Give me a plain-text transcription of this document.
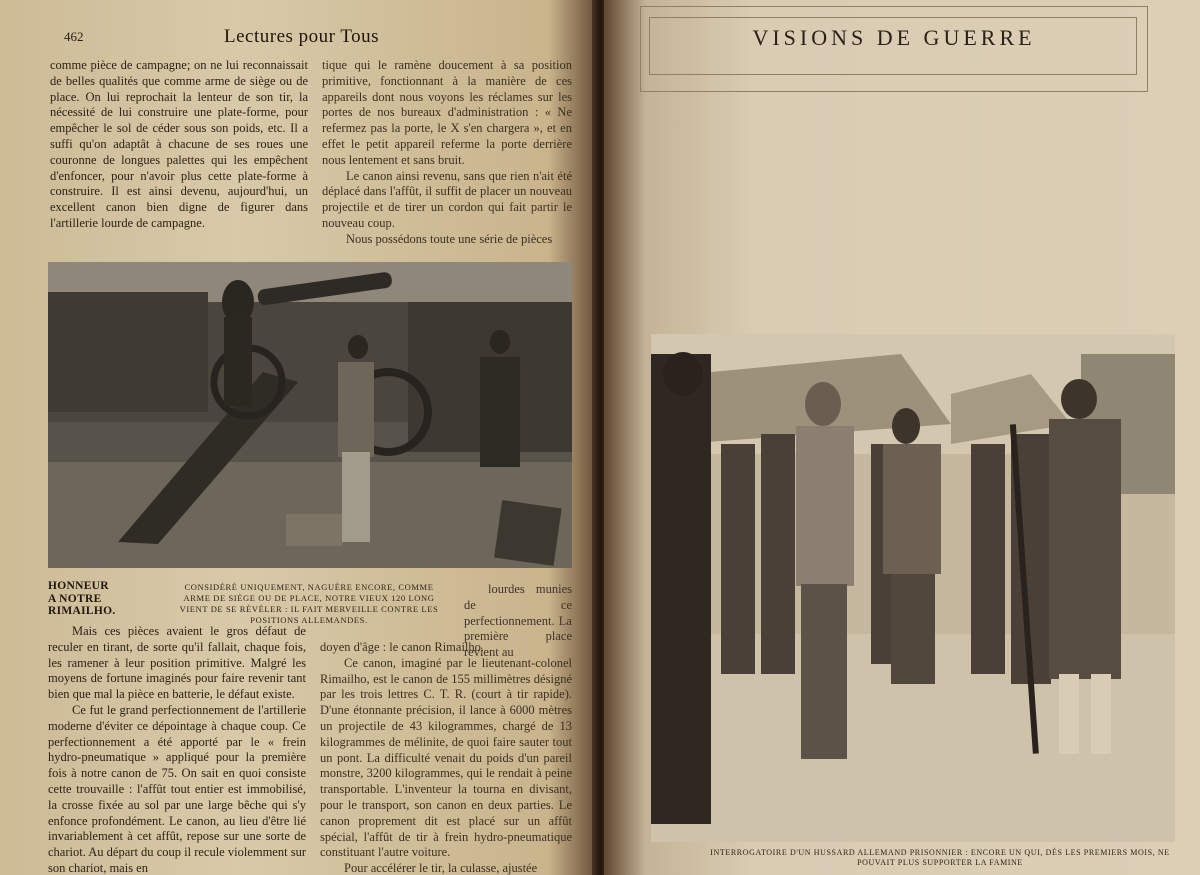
462	Lectures pour Tous

comme pièce de campagne; on ne lui reconnaissait de belles qualités que comme arme de siège ou de place. On lui reprochait la lenteur de son tir, la nécessité de lui construire une plate-forme, pour empêcher le sol de céder sous son poids, etc. Il a suffi qu'on adaptât à chacune de ses roues une couronne de longues palettes qui les empêchent d'enfoncer, pour n'avoir plus cette plate-forme à construire. Il est ainsi devenu, aujourd'hui, un excellent canon bien digne de figurer dans l'artillerie lourde de campagne.

tique qui le ramène doucement à sa position primitive, fonctionnant à la manière de ces appareils dont nous voyons les réclames sur les portes de nos bureaux d'administration : « Ne refermez pas la porte, le X s'en chargera », et en effet le petit appareil referme la porte derrière nous lentement et sans bruit.

Le canon ainsi revenu, sans que rien n'ait été déplacé dans l'affût, il suffit de placer un nouveau projectile et de tirer un cordon qui fait partir le nouveau coup.

Nous possédons toute une série de pièces

HONNEUR A NOTRE RIMAILHO.
CONSIDÉRÉ UNIQUEMENT, NAGUÈRE ENCORE, COMME ARME DE SIÈGE OU DE PLACE, NOTRE VIEUX 120 LONG VIENT DE SE RÉVÉLER : IL FAIT MERVEILLE CONTRE LES POSITIONS ALLEMANDES.

lourdes munies de ce perfectionnement. La première place revient au

Mais ces pièces avaient le gros défaut de reculer en tirant, de sorte qu'il fallait, chaque fois, les ramener à leur position primitive. Malgré les moyens de fortune imaginés pour faire revenir tant bien que mal la pièce en batterie, le défaut existe.

Ce fut le grand perfectionnement de l'artillerie moderne d'éviter ce dépointage à chaque coup. Ce perfectionnement a été apporté par le « frein hydro-pneumatique » appliqué pour la première fois à notre canon de 75. On sait en quoi consiste cette trouvaille : l'affût tout entier est immobilisé, la crosse fixée au sol par une large bêche qui s'y enfonce profondément. Le canon, au lieu d'être lié invariablement à cet affût, repose sur une sorte de chariot. Au départ du coup il recule violemment sur son chariot, mais en

doyen d'âge : le canon Rimailho.

Ce canon, imaginé par le lieutenant-colonel Rimailho, est le canon de 155 millimètres désigné par les trois lettres C. T. R. (court à tir rapide). D'une étonnante précision, il lance à 6000 mètres un projectile de 43 kilogrammes, chargé de 13 kilogrammes de mélinite, de quoi faire sauter tout un pont. La difficulté venait du poids d'un pareil monstre, 3200 kilogrammes, qui le rendait à peine transportable. L'inventeur la tourna en divisant, pour le transport, son canon en deux parties. Le canon proprement dit est placé sur un affût spécial, l'affût de tir à frein hydro-pneumatique constituant l'autre voiture.

Pour accélérer le tir, la culasse, ajustée

VISIONS DE GUERRE
INTERROGATOIRE D'UN HUSSARD ALLEMAND PRISONNIER : ENCORE UN QUI, DÈS LES PREMIERS MOIS, NE POUVAIT PLUS SUPPORTER LA FAMINE
